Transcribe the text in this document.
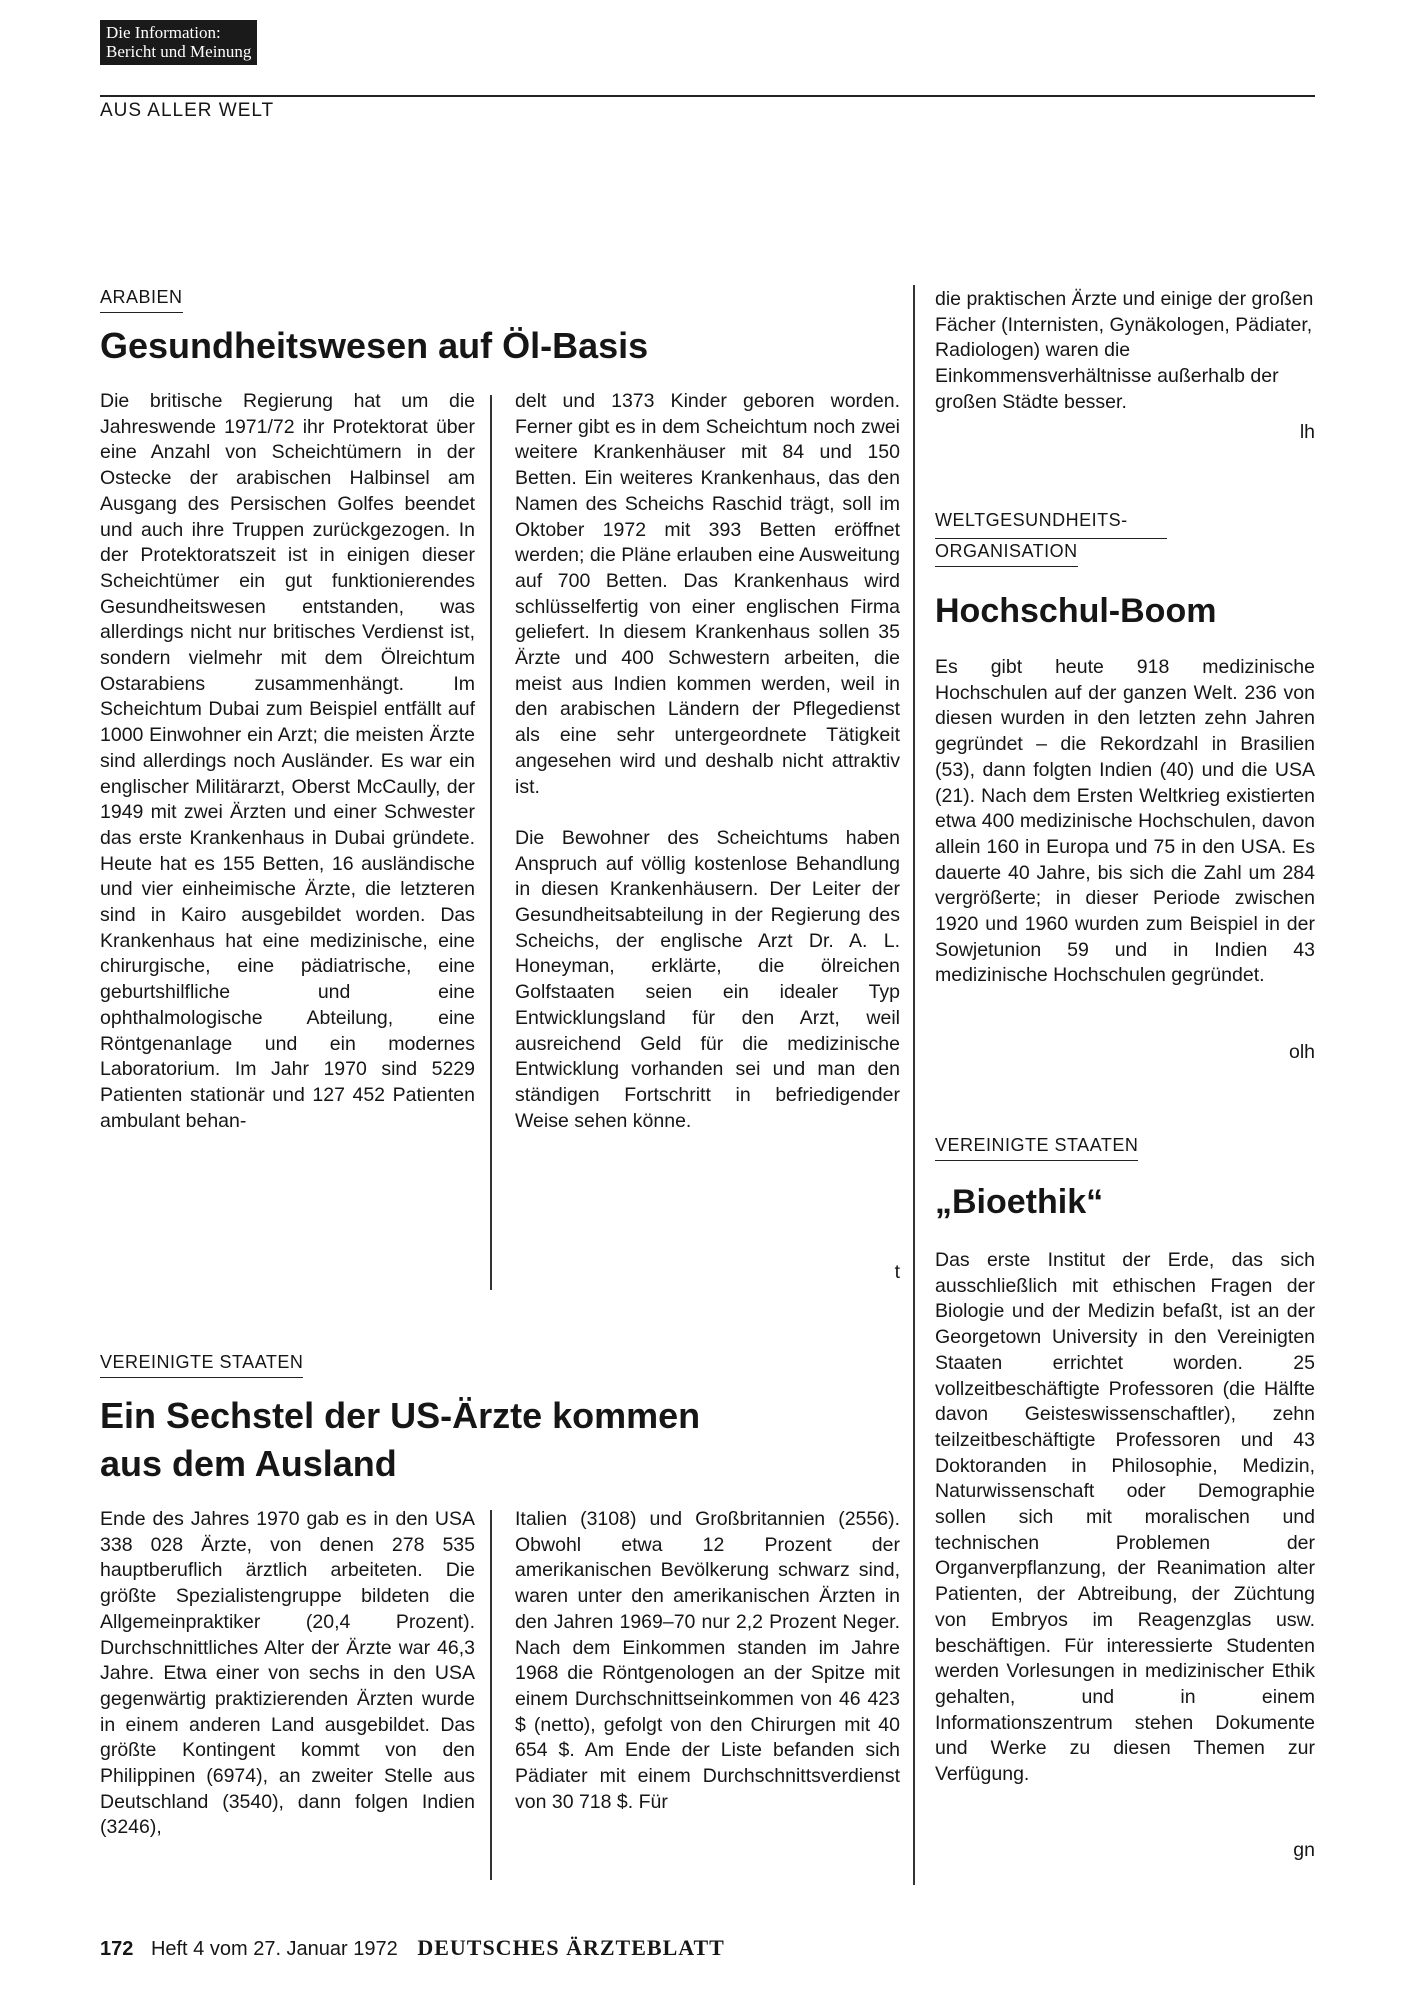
Die Information:
Bericht und Meinung
AUS ALLER WELT
ARABIEN
Gesundheitswesen auf Öl-Basis
Die britische Regierung hat um die Jahreswende 1971/72 ihr Protektorat über eine Anzahl von Scheichtümern in der Ostecke der arabischen Halbinsel am Ausgang des Persischen Golfes beendet und auch ihre Truppen zurückgezogen. In der Protektoratszeit ist in einigen dieser Scheichtümer ein gut funktionierendes Gesundheitswesen entstanden, was allerdings nicht nur britisches Verdienst ist, sondern vielmehr mit dem Ölreichtum Ostarabiens zusammenhängt. Im Scheichtum Dubai zum Beispiel entfällt auf 1000 Einwohner ein Arzt; die meisten Ärzte sind allerdings noch Ausländer. Es war ein englischer Militärarzt, Oberst McCaully, der 1949 mit zwei Ärzten und einer Schwester das erste Krankenhaus in Dubai gründete. Heute hat es 155 Betten, 16 ausländische und vier einheimische Ärzte, die letzteren sind in Kairo ausgebildet worden. Das Krankenhaus hat eine medizinische, eine chirurgische, eine pädiatrische, eine geburtshilfliche und eine ophthalmologische Abteilung, eine Röntgenanlage und ein modernes Laboratorium. Im Jahr 1970 sind 5229 Patienten stationär und 127 452 Patienten ambulant behan-
delt und 1373 Kinder geboren worden. Ferner gibt es in dem Scheichtum noch zwei weitere Krankenhäuser mit 84 und 150 Betten. Ein weiteres Krankenhaus, das den Namen des Scheichs Raschid trägt, soll im Oktober 1972 mit 393 Betten eröffnet werden; die Pläne erlauben eine Ausweitung auf 700 Betten. Das Krankenhaus wird schlüsselfertig von einer englischen Firma geliefert. In diesem Krankenhaus sollen 35 Ärzte und 400 Schwestern arbeiten, die meist aus Indien kommen werden, weil in den arabischen Ländern der Pflegedienst als eine sehr untergeordnete Tätigkeit angesehen wird und deshalb nicht attraktiv ist.

Die Bewohner des Scheichtums haben Anspruch auf völlig kostenlose Behandlung in diesen Krankenhäusern. Der Leiter der Gesundheitsabteilung in der Regierung des Scheichs, der englische Arzt Dr. A. L. Honeyman, erklärte, die ölreichen Golfstaaten seien ein idealer Typ Entwicklungsland für den Arzt, weil ausreichend Geld für die medizinische Entwicklung vorhanden sei und man den ständigen Fortschritt in befriedigender Weise sehen könne.
die praktischen Ärzte und einige der großen Fächer (Internisten, Gynäkologen, Pädiater, Radiologen) waren die Einkommensverhältnisse außerhalb der großen Städte besser.
t
VEREINIGTE STAATEN
Ein Sechstel der US-Ärzte kommen
aus dem Ausland
Ende des Jahres 1970 gab es in den USA 338 028 Ärzte, von denen 278 535 hauptberuflich ärztlich arbeiteten. Die größte Spezialistengruppe bildeten die Allgemeinpraktiker (20,4 Prozent). Durchschnittliches Alter der Ärzte war 46,3 Jahre. Etwa einer von sechs in den USA gegenwärtig praktizierenden Ärzten wurde in einem anderen Land ausgebildet. Das größte Kontingent kommt von den Philippinen (6974), an zweiter Stelle aus Deutschland (3540), dann folgen Indien (3246),
Italien (3108) und Großbritannien (2556). Obwohl etwa 12 Prozent der amerikanischen Bevölkerung schwarz sind, waren unter den amerikanischen Ärzten in den Jahren 1969–70 nur 2,2 Prozent Neger. Nach dem Einkommen standen im Jahre 1968 die Röntgenologen an der Spitze mit einem Durchschnittseinkommen von 46 423 $ (netto), gefolgt von den Chirurgen mit 40 654 $. Am Ende der Liste befanden sich Pädiater mit einem Durchschnittsverdienst von 30 718 $. Für
lh
WELTGESUNDHEITS-
ORGANISATION
Hochschul-Boom
Es gibt heute 918 medizinische Hochschulen auf der ganzen Welt. 236 von diesen wurden in den letzten zehn Jahren gegründet – die Rekordzahl in Brasilien (53), dann folgten Indien (40) und die USA (21). Nach dem Ersten Weltkrieg existierten etwa 400 medizinische Hochschulen, davon allein 160 in Europa und 75 in den USA. Es dauerte 40 Jahre, bis sich die Zahl um 284 vergrößerte; in dieser Periode zwischen 1920 und 1960 wurden zum Beispiel in der Sowjetunion 59 und in Indien 43 medizinische Hochschulen gegründet.
olh
VEREINIGTE STAATEN
„Bioethik“
Das erste Institut der Erde, das sich ausschließlich mit ethischen Fragen der Biologie und der Medizin befaßt, ist an der Georgetown University in den Vereinigten Staaten errichtet worden. 25 vollzeitbeschäftigte Professoren (die Hälfte davon Geisteswissenschaftler), zehn teilzeitbeschäftigte Professoren und 43 Doktoranden in Philosophie, Medizin, Naturwissenschaft oder Demographie sollen sich mit moralischen und technischen Problemen der Organverpflanzung, der Reanimation alter Patienten, der Abtreibung, der Züchtung von Embryos im Reagenzglas usw. beschäftigen. Für interessierte Studenten werden Vorlesungen in medizinischer Ethik gehalten, und in einem Informationszentrum stehen Dokumente und Werke zu diesen Themen zur Verfügung.
gn
172 Heft 4 vom 27. Januar 1972 DEUTSCHES ÄRZTEBLATT
